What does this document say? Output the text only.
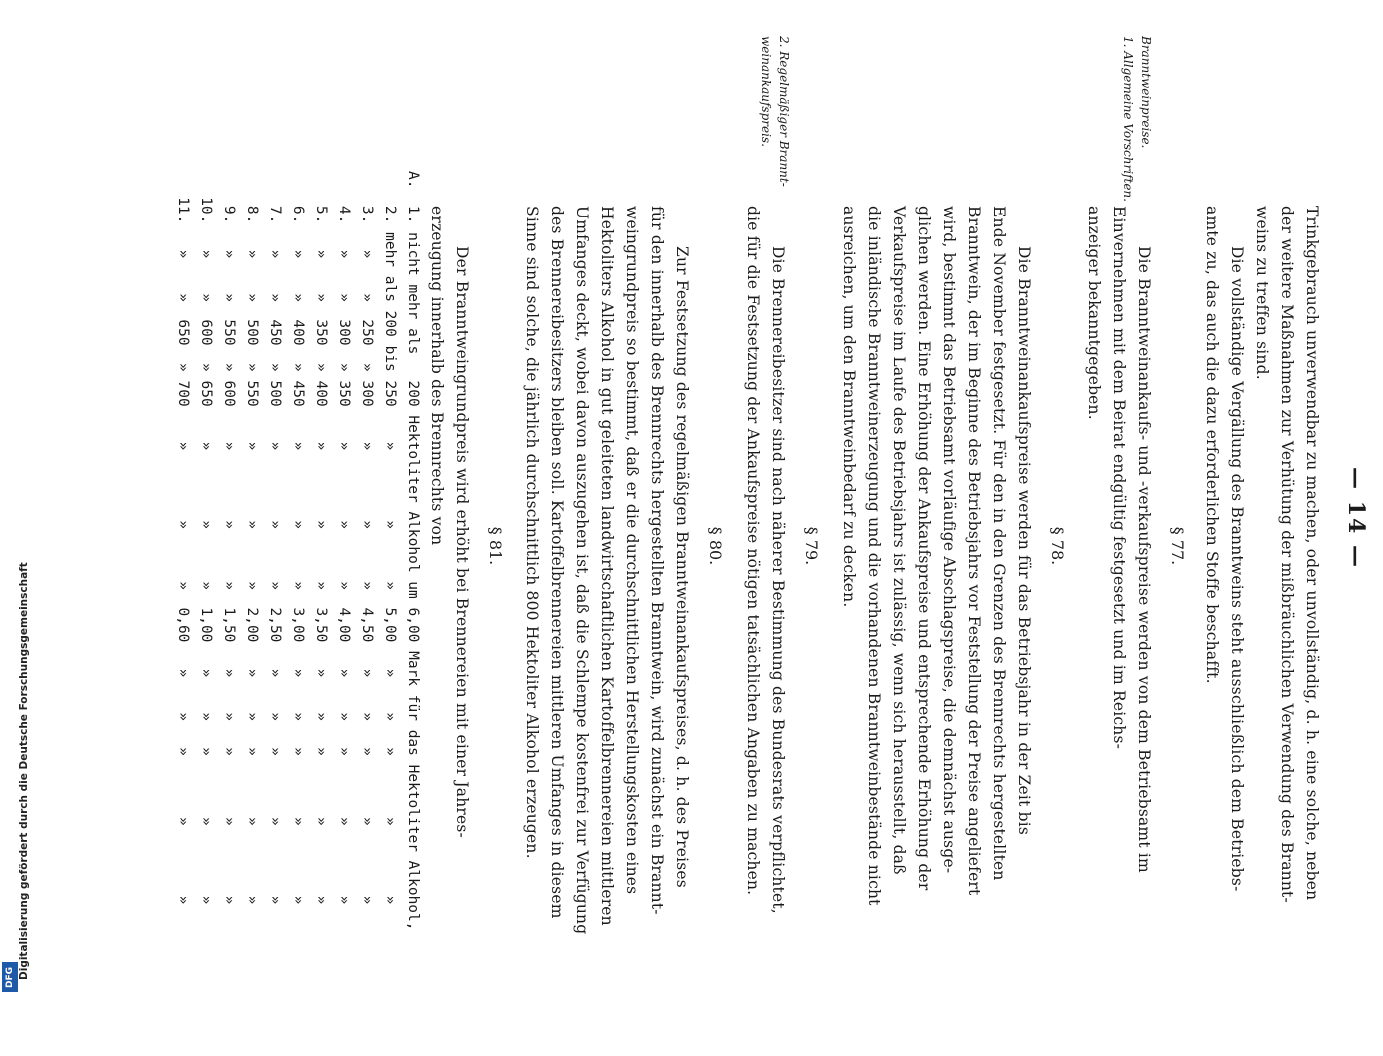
DFG Digitalisierung gefördert durch die Deutsche Forschungsgemeinschaft
— 14 —
Trinkgebrauch unverwendbar zu machen, oder unvollständig, d. h. eine solche, neben
der weitere Maßnahmen zur Verhütung der mißbräuchlichen Verwendung des Brannt-
weins zu treffen sind.
Die vollständige Vergällung des Branntweins steht ausschließlich dem Betriebs-
amte zu, das auch die dazu erforderlichen Stoffe beschafft.
§ 77.
Branntweinpreise.
1. Allgemeine Vorschriften.
Die Branntweinankaufs- und -verkaufspreise werden von dem Betriebsamt im
Einvernehmen mit dem Beirat endgültig festgesetzt und im Reichs-
anzeiger bekanntgegeben.
§ 78.
Die Branntweinankaufspreise werden für das Betriebsjahr in der Zeit bis
Ende November festgesetzt. Für den in den Grenzen des Brennrechts hergestellten
Branntwein, der im Beginne des Betriebsjahrs vor Feststellung der Preise angeliefert
wird, bestimmt das Betriebsamt vorläufige Abschlagspreise, die demnächst ausge-
glichen werden. Eine Erhöhung der Ankaufspreise und entsprechende Erhöhung der
Verkaufspreise im Laufe des Betriebsjahrs ist zulässig, wenn sich herausstellt, daß
die inländische Branntweinerzeugung und die vorhandenen Branntweinbestände nicht
ausreichen, um den Branntweinbedarf zu decken.
§ 79.
Die Brennereibesitzer sind nach näherer Bestimmung des Bundesrats verpflichtet,
die für die Festsetzung der Ankaufspreise nötigen tatsächlichen Angaben zu machen.
§ 80.
2. Regelmäßiger Brannt-
weinankaufspreis.
Zur Festsetzung des regelmäßigen Branntweinankaufspreises, d. h. des Preises
für den innerhalb des Brennrechts hergestellten Branntwein, wird zunächst ein Brannt-
weingrundpreis so bestimmt, daß er die durchschnittlichen Herstellungskosten eines
Hektoliters Alkohol in gut geleiteten landwirtschaftlichen Kartoffelbrennereien mittleren
Umfanges deckt, wobei davon auszugehen ist, daß die Schlempe kostenfrei zur Verfügung
des Brennereibesitzers bleiben soll. Kartoffelbrennereien mittleren Umfanges in diesem
Sinne sind solche, die jährlich durchschnittlich 800 Hektoliter Alkohol erzeugen.
§ 81.
Der Branntweingrundpreis wird erhöht bei Brennereien mit einer Jahres-
erzeugung innerhalb des Brennrechts von
A.  1. nicht mehr als   200 Hektoliter Alkohol um 6,00 Mark für das Hektoliter Alkohol,
2. mehr als 200 bis 250    »        »      »  5,00   »    »   »       »        »
3.   »    »  250  » 300    »        »      »  4,50   »    »   »       »        »
4.   »    »  300  » 350    »        »      »  4,00   »    »   »       »        »
5.   »    »  350  » 400    »        »      »  3,50   »    »   »       »        »
6.   »    »  400  » 450    »        »      »  3,00   »    »   »       »        »
7.   »    »  450  » 500    »        »      »  2,50   »    »   »       »        »
8.   »    »  500  » 550    »        »      »  2,00   »    »   »       »        »
9.   »    »  550  » 600    »        »      »  1,50   »    »   »       »        »
10.   »    »  600  » 650    »        »      »  1,00   »    »   »       »        »
11.   »    »  650  » 700    »        »      »  0,60   »    »   »       »        »
